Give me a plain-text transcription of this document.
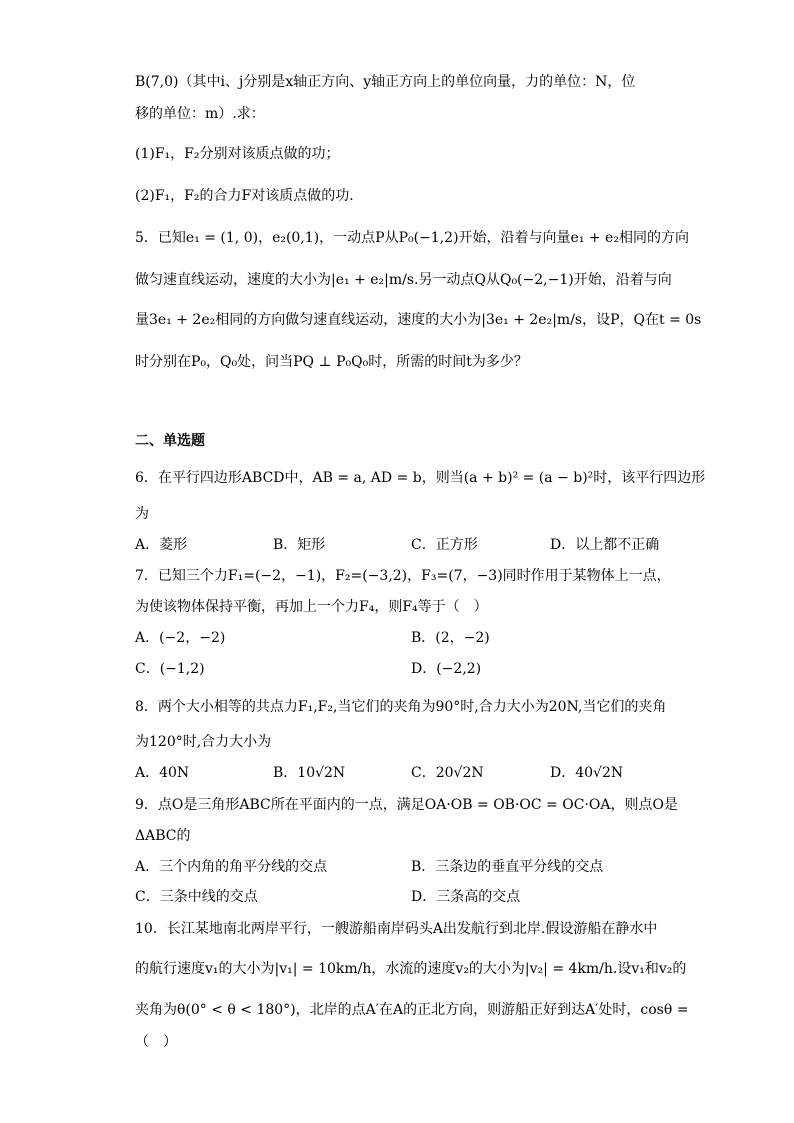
B(7,0)（其中i、j分别是x轴正方向、y轴正方向上的单位向量，力的单位：N，位
移的单位：m）.求：
(1)F₁，F₂分别对该质点做的功；
(2)F₁，F₂的合力F对该质点做的功.
5．已知e₁ = (1, 0)，e₂(0,1)，一动点P从P₀(−1,2)开始，沿着与向量e₁ + e₂相同的方向
做匀速直线运动，速度的大小为|e₁ + e₂|m/s.另一动点Q从Q₀(−2,−1)开始，沿着与向
量3e₁ + 2e₂相同的方向做匀速直线运动，速度的大小为|3e₁ + 2e₂|m/s，设P，Q在t = 0s
时分别在P₀，Q₀处，问当PQ ⊥ P₀Q₀时，所需的时间t为多少？
二、单选题
6．在平行四边形ABCD中，AB = a, AD = b，则当(a + b)² = (a − b)²时，该平行四边形
为
A．菱形	B．矩形	C．正方形	D．以上都不正确
7．已知三个力F₁=(−2，−1)，F₂=(−3,2)，F₃=(7，−3)同时作用于某物体上一点，
为使该物体保持平衡，再加上一个力F₄，则F₄等于（　）
A．(−2，−2)	B．(2，−2)
C．(−1,2)	D．(−2,2)
8．两个大小相等的共点力F₁,F₂,当它们的夹角为90°时,合力大小为20N,当它们的夹角
为120°时,合力大小为
A．40N	B．10√2N	C．20√2N	D．40√2N
9．点O是三角形ABC所在平面内的一点，满足OA·OB = OB·OC = OC·OA，则点O是
ΔABC的
A．三个内角的角平分线的交点	B．三条边的垂直平分线的交点
C．三条中线的交点	D．三条高的交点
10．长江某地南北两岸平行，一艘游船南岸码头A出发航行到北岸.假设游船在静水中
的航行速度v₁的大小为|v₁| = 10km/h，水流的速度v₂的大小为|v₂| = 4km/h.设v₁和v₂的
夹角为θ(0° < θ < 180°)，北岸的点A′在A的正北方向，则游船正好到达A′处时，cosθ =
（　）
